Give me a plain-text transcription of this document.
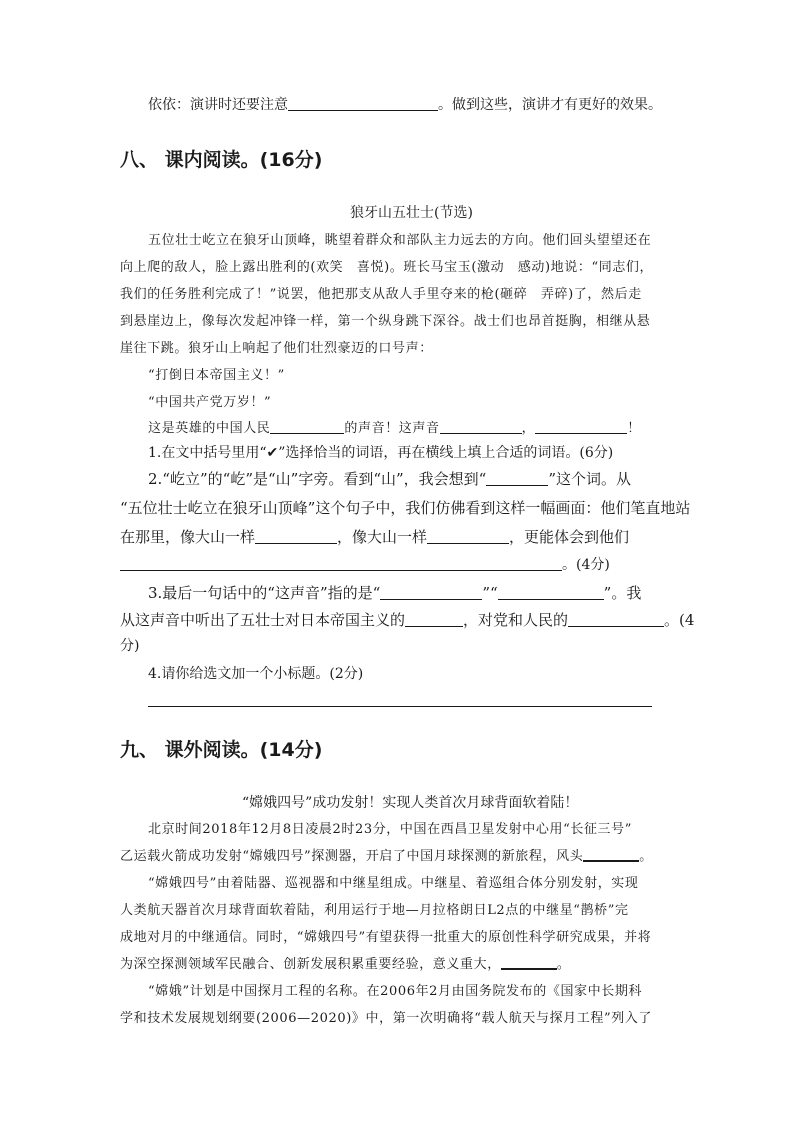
依依：演讲时还要注意	。做到这些，演讲才有更好的效果。
八、 课内阅读。(16分)
狼牙山五壮士(节选)
五位壮士屹立在狼牙山顶峰，眺望着群众和部队主力远去的方向。他们回头望望还在
向上爬的敌人，脸上露出胜利的(欢笑　喜悦)。班长马宝玉(激动　感动)地说：“同志们，
我们的任务胜利完成了！”说罢，他把那支从敌人手里夺来的枪(砸碎　弄碎)了，然后走
到悬崖边上，像每次发起冲锋一样，第一个纵身跳下深谷。战士们也昂首挺胸，相继从悬
崖往下跳。狼牙山上响起了他们壮烈豪迈的口号声：
“打倒日本帝国主义！”
“中国共产党万岁！”
这是英雄的中国人民	的声音！这声音	，	！
1.在文中括号里用“✔”选择恰当的词语，再在横线上填上合适的词语。(6分)
2.“屹立”的“屹”是“山”字旁。看到“山”，我会想到“	”这个词。从
“五位壮士屹立在狼牙山顶峰”这个句子中，我们仿佛看到这样一幅画面：他们笔直地站
在那里，像大山一样	，像大山一样	，更能体会到他们
。(4分)
3.最后一句话中的“这声音”指的是“	”“	”。我
从这声音中听出了五壮士对日本帝国主义的	，对党和人民的	。(4
分)
4.请你给选文加一个小标题。(2分)
九、 课外阅读。(14分)
“嫦娥四号”成功发射！实现人类首次月球背面软着陆！
北京时间2018年12月8日凌晨2时23分，中国在西昌卫星发射中心用“长征三号”
乙运载火箭成功发射“嫦娥四号”探测器，开启了中国月球探测的新旅程，风头	。
“嫦娥四号”由着陆器、巡视器和中继星组成。中继星、着巡组合体分别发射，实现
人类航天器首次月球背面软着陆，利用运行于地—月拉格朗日L2点的中继星“鹊桥”完
成地对月的中继通信。同时，“嫦娥四号”有望获得一批重大的原创性科学研究成果，并将
为深空探测领域军民融合、创新发展积累重要经验，意义重大，	。
“嫦娥”计划是中国探月工程的名称。在2006年2月由国务院发布的《国家中长期科
学和技术发展规划纲要(2006—2020)》中，第一次明确将“载人航天与探月工程”列入了
